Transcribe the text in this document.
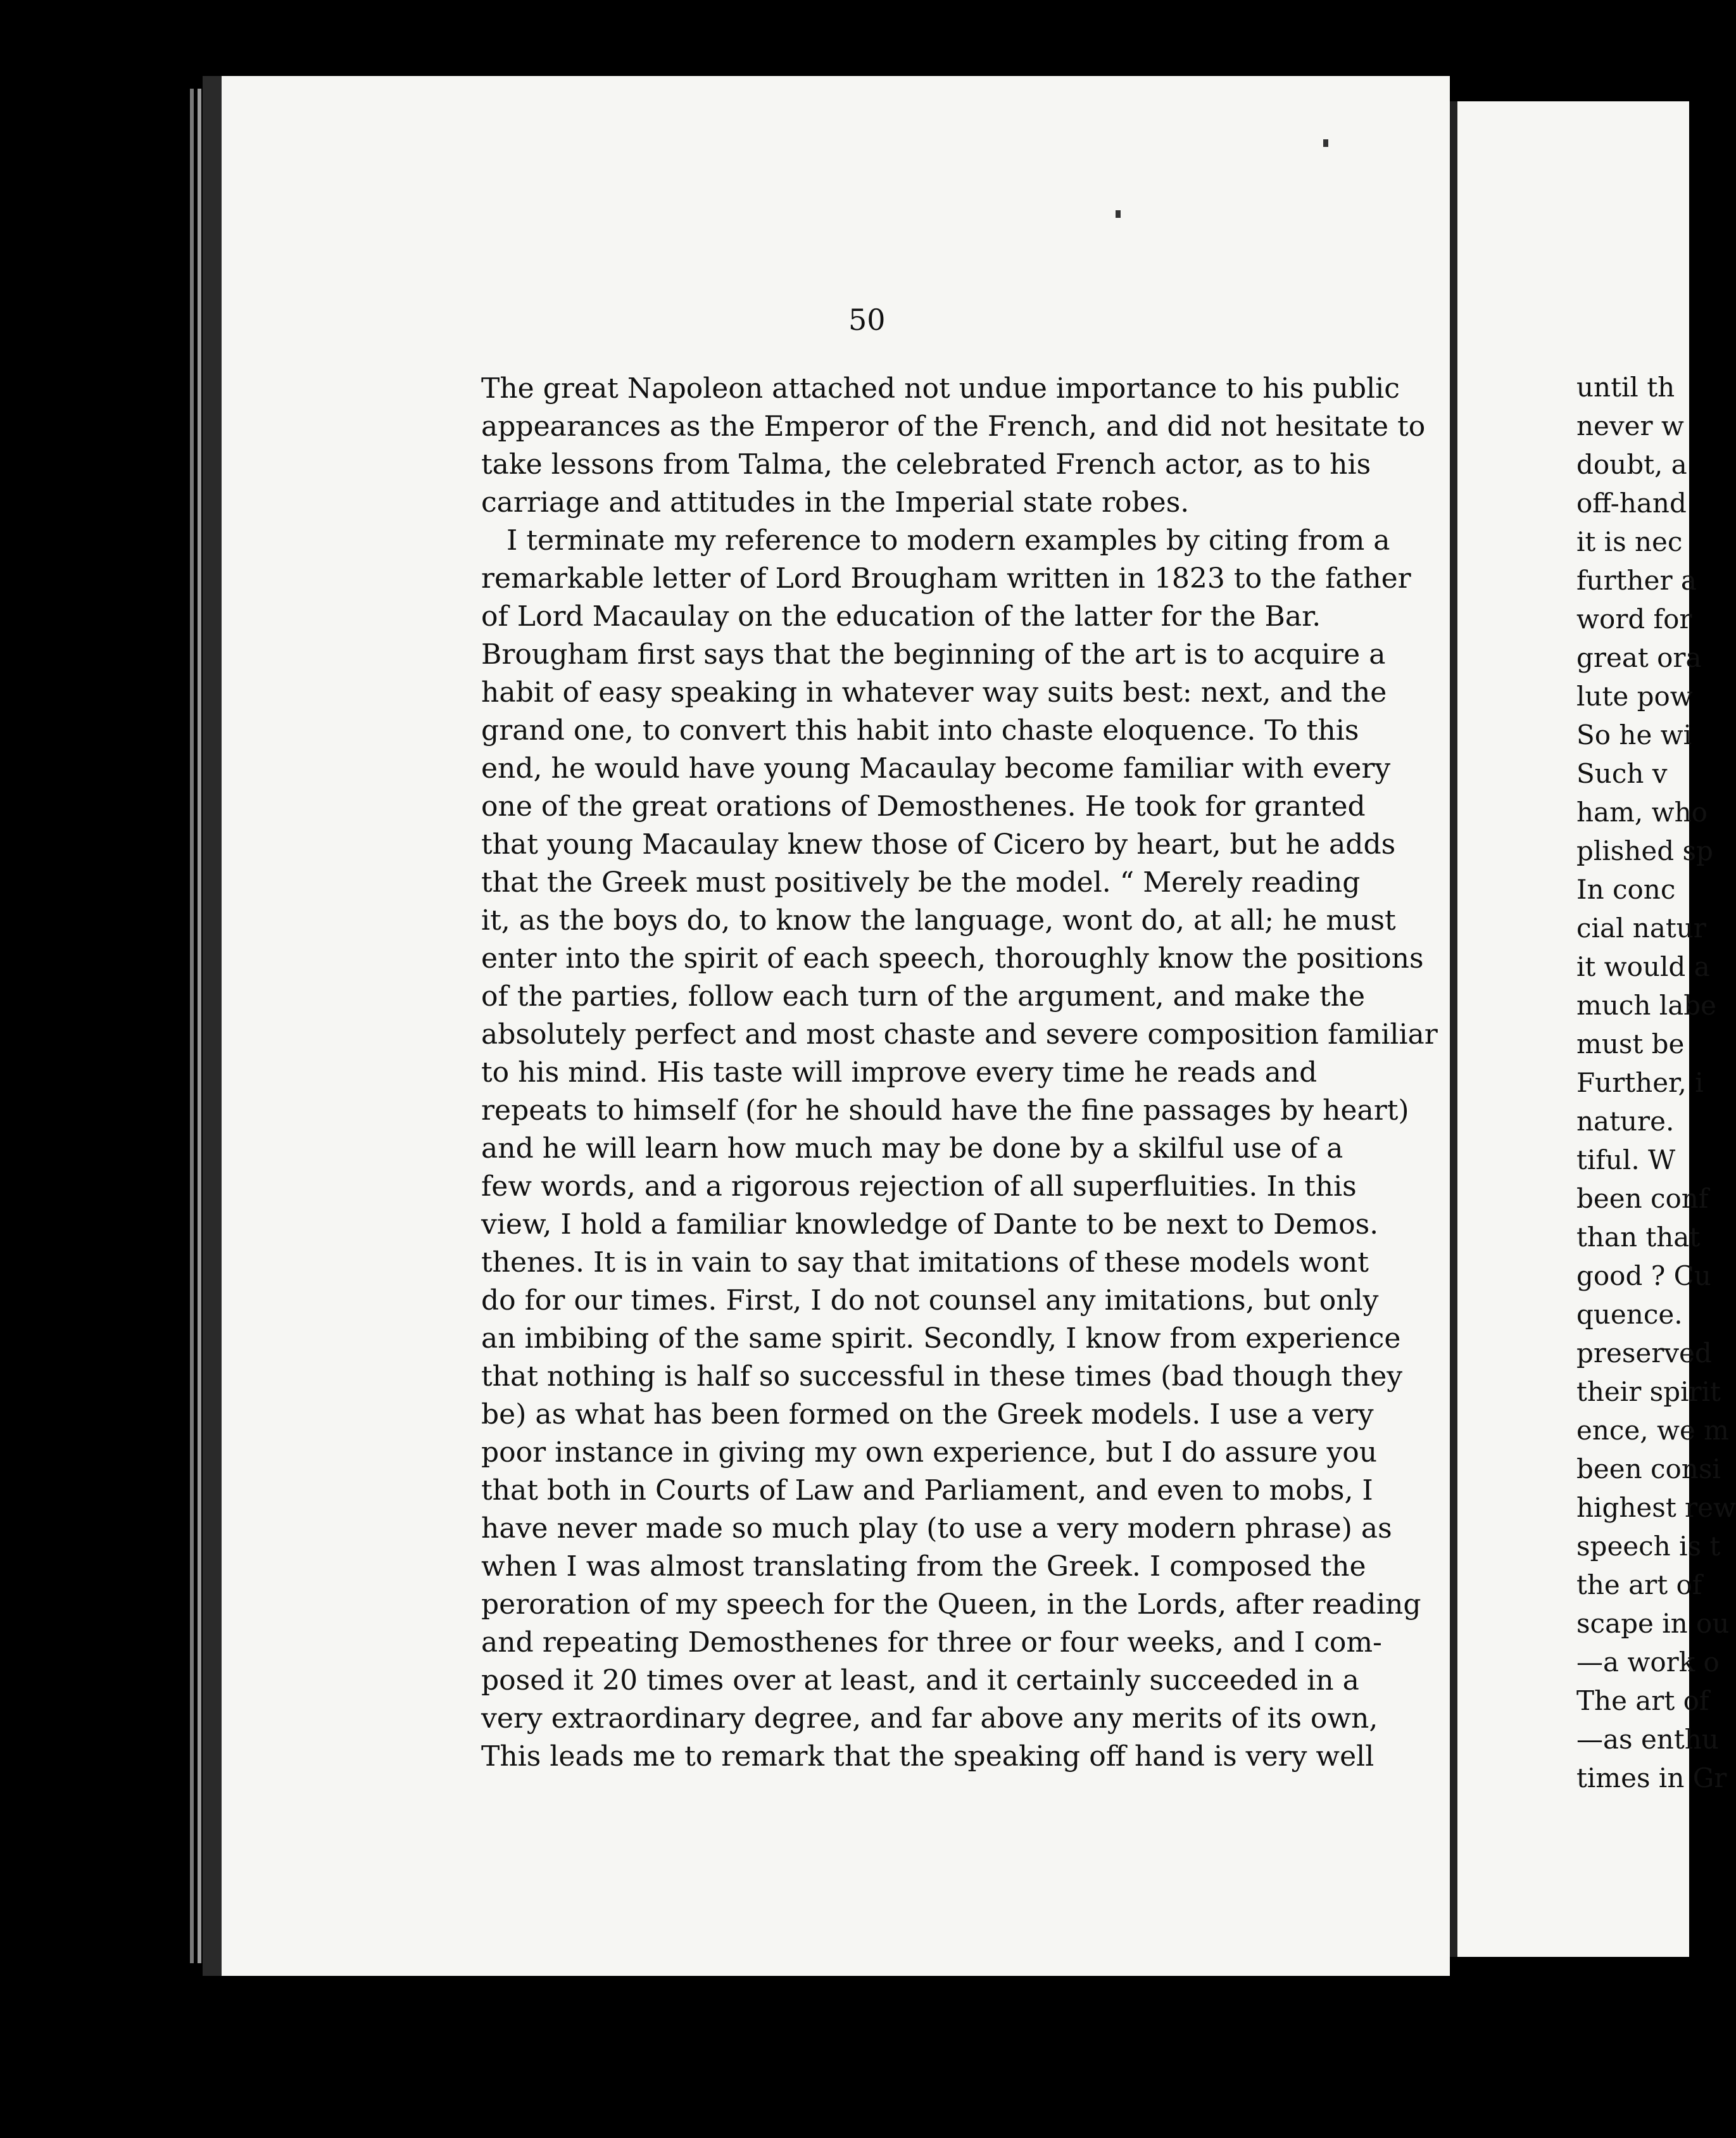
50
The great Napoleon attached not undue importance to his public
appearances as the Emperor of the French, and did not hesitate to
take lessons from Talma, the celebrated French actor, as to his
carriage and attitudes in the Imperial state robes.
I terminate my reference to modern examples by citing from a
remarkable letter of Lord Brougham written in 1823 to the father
of Lord Macaulay on the education of the latter for the Bar.
Brougham first says that the beginning of the art is to acquire a
habit of easy speaking in whatever way suits best: next, and the
grand one, to convert this habit into chaste eloquence. To this
end, he would have young Macaulay become familiar with every
one of the great orations of Demosthenes. He took for granted
that young Macaulay knew those of Cicero by heart, but he adds
that the Greek must positively be the model. “ Merely reading
it, as the boys do, to know the language, wont do, at all; he must
enter into the spirit of each speech, thoroughly know the positions
of the parties, follow each turn of the argument, and make the
absolutely perfect and most chaste and severe composition familiar
to his mind. His taste will improve every time he reads and
repeats to himself (for he should have the fine passages by heart)
and he will learn how much may be done by a skilful use of a
few words, and a rigorous rejection of all superfluities. In this
view, I hold a familiar knowledge of Dante to be next to Demos.
thenes. It is in vain to say that imitations of these models wont
do for our times. First, I do not counsel any imitations, but only
an imbibing of the same spirit. Secondly, I know from experience
that nothing is half so successful in these times (bad though they
be) as what has been formed on the Greek models. I use a very
poor instance in giving my own experience, but I do assure you
that both in Courts of Law and Parliament, and even to mobs, I
have never made so much play (to use a very modern phrase) as
when I was almost translating from the Greek. I composed the
peroration of my speech for the Queen, in the Lords, after reading
and repeating Demosthenes for three or four weeks, and I com-
posed it 20 times over at least, and it certainly succeeded in a
very extraordinary degree, and far above any merits of its own,
This leads me to remark that the speaking off hand is very well
until th
never w
doubt, a
off-hand
it is nec
further a
word for
great ora
lute pow
So he wi
Such v
ham, who
plished sp
In conc
cial natur
it would a
much labe
must be
Further, i
nature.
tiful. W
been conf
than that
good ? Cu
quence.
preserved
their spirit
ence, we m
been consi
highest rew
speech is t
the art of
scape in ou
—a work o
The art of
—as enthu
times in Gr
